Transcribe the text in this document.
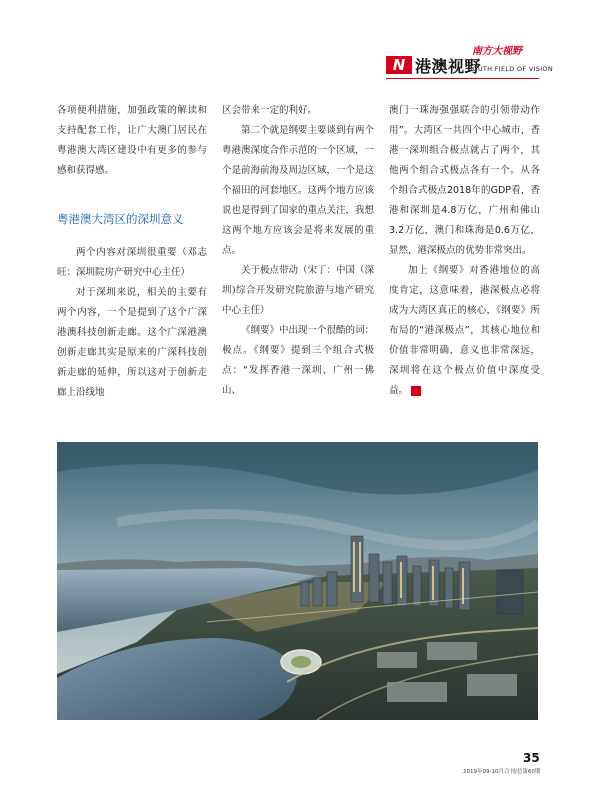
N 港澳视野
南方大视野
SOUTH FIELD OF VISION

各项便利措施，加强政策的解读和支持配套工作，让广大澳门居民在粤港澳大湾区建设中有更多的参与感和获得感。

粤港澳大湾区的深圳意义

两个内容对深圳很重要（邓志旺：深圳院房产研究中心主任）

对于深圳来说，相关的主要有两个内容，一个是提到了这个广深港澳科技创新走廊。这个广深港澳创新走廊其实是原来的广深科技创新走廊的延伸，所以这对于创新走廊上沿线地

区会带来一定的利好。

第二个就是纲要主要谈到有两个粤港澳深度合作示范的一个区域，一个是前海前海及周边区域，一个是这个福田的河套地区。这两个地方应该说也是得到了国家的重点关注，我想这两个地方应该会是将来发展的重点。

关于极点带动（宋丁：中国（深圳)综合开发研究院旅游与地产研究中心主任）

《纲要》中出现一个很酷的词：极点。《纲要》提到三个组合式极点：“发挥香港一深圳、广州一佛山、

澳门一珠海强强联合的引领带动作用”。大湾区一共四个中心城市，香港一深圳组合极点就占了两个，其他两个组合式极点各有一个。从各个组合式极点2018年的GDP看，香港和深圳是4.8万亿，广州和佛山3.2万亿，澳门和珠海是0.6万亿，显然，港深极点的优势非常突出。

加上《纲要》对香港地位的高度肯定，这意味着，港深极点必将成为大湾区真正的核心，《纲要》所布局的“港深极点”，其核心地位和价值非常明确，意义也非常深远，深圳将在这个极点价值中深度受益。	N

35
2019年09-10月合刊/总第60期
